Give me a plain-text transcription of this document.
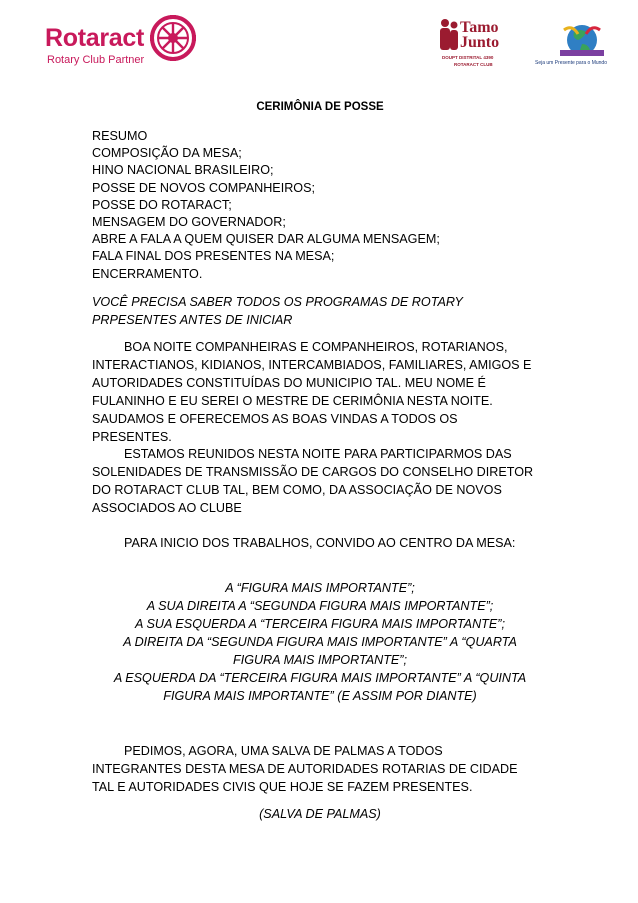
Rotaract
Rotary Club Partner
Tamo
Junto
DOUPT DISTRITAL 4390
ROTARACT CLUB	Seja um Presente para o Mundo
CERIMÔNIA DE POSSE
RESUMO
COMPOSIÇÃO DA MESA;
HINO NACIONAL BRASILEIRO;
POSSE DE NOVOS COMPANHEIROS;
POSSE DO ROTARACT;
MENSAGEM DO GOVERNADOR;
ABRE A FALA A QUEM QUISER DAR ALGUMA MENSAGEM;
FALA FINAL DOS PRESENTES NA MESA;
ENCERRAMENTO.
VOCÊ PRECISA SABER TODOS OS PROGRAMAS DE ROTARY
PRPESENTES ANTES DE INICIAR
BOA NOITE COMPANHEIRAS E COMPANHEIROS, ROTARIANOS,
INTERACTIANOS, KIDIANOS, INTERCAMBIADOS, FAMILIARES, AMIGOS E
AUTORIDADES CONSTITUÍDAS DO MUNICIPIO TAL. MEU NOME É
FULANINHO E EU SEREI O MESTRE DE CERIMÔNIA NESTA NOITE.
SAUDAMOS E OFERECEMOS AS BOAS VINDAS A TODOS OS
PRESENTES.
ESTAMOS REUNIDOS NESTA NOITE PARA PARTICIPARMOS DAS
SOLENIDADES DE TRANSMISSÃO DE CARGOS DO CONSELHO DIRETOR
DO ROTARACT CLUB TAL, BEM COMO, DA ASSOCIAÇÃO DE NOVOS
ASSOCIADOS AO CLUBE
PARA INICIO DOS TRABALHOS, CONVIDO AO CENTRO DA MESA:
A “FIGURA MAIS IMPORTANTE”;
A SUA DIREITA A “SEGUNDA FIGURA MAIS IMPORTANTE”;
A SUA ESQUERDA A “TERCEIRA FIGURA MAIS IMPORTANTE”;
A DIREITA DA “SEGUNDA FIGURA MAIS IMPORTANTE” A “QUARTA
FIGURA MAIS IMPORTANTE”;
A ESQUERDA DA “TERCEIRA FIGURA MAIS IMPORTANTE” A “QUINTA
FIGURA MAIS IMPORTANTE” (E ASSIM POR DIANTE)
PEDIMOS, AGORA, UMA SALVA DE PALMAS A TODOS
INTEGRANTES DESTA MESA DE AUTORIDADES ROTARIAS DE CIDADE
TAL E AUTORIDADES CIVIS QUE HOJE SE FAZEM PRESENTES.
(SALVA DE PALMAS)
